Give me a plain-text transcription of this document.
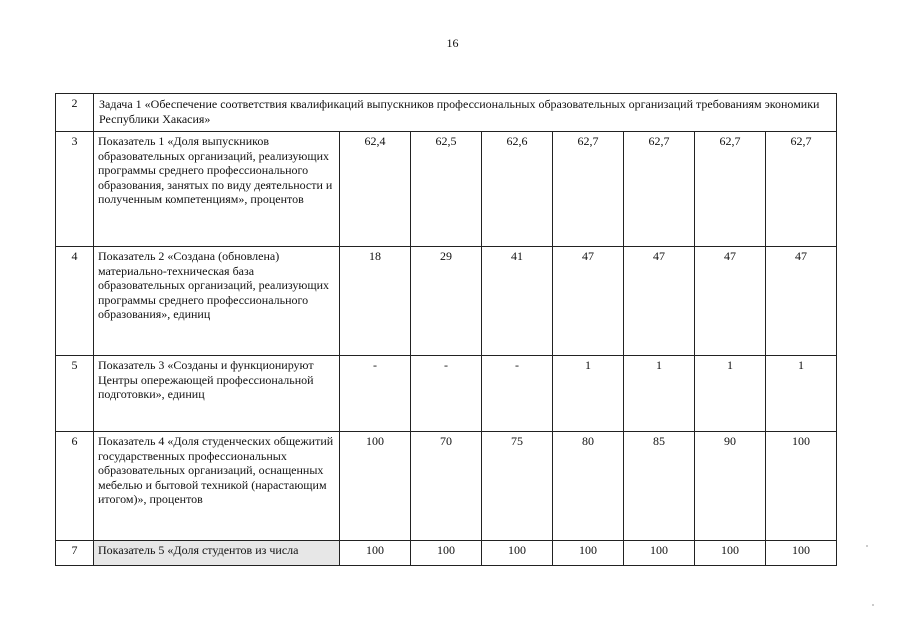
16
2	Задача 1 «Обеспечение соответствия квалификаций выпускников профессиональных образовательных организаций требованиям экономики Республики Хакасия»							
3	Показатель 1 «Доля выпускников образовательных организаций, реализующих программы среднего профессионального образования, занятых по виду деятельности и полученным компетенциям», процентов	62,4	62,5	62,6	62,7	62,7	62,7	62,7
4	Показатель 2 «Создана (обновлена) материально-техническая база образовательных организаций, реализующих программы среднего профессионального образования», единиц	18	29	41	47	47	47	47
5	Показатель 3 «Созданы и функционируют Центры опережающей профессиональной подготовки», единиц	-	-	-	1	1	1	1
6	Показатель 4 «Доля студенческих общежитий государственных профессиональных образовательных организаций, оснащенных мебелью и бытовой техникой (нарастающим итогом)», процентов	100	70	75	80	85	90	100
7	Показатель 5 «Доля студентов из числа	100	100	100	100	100	100	100
